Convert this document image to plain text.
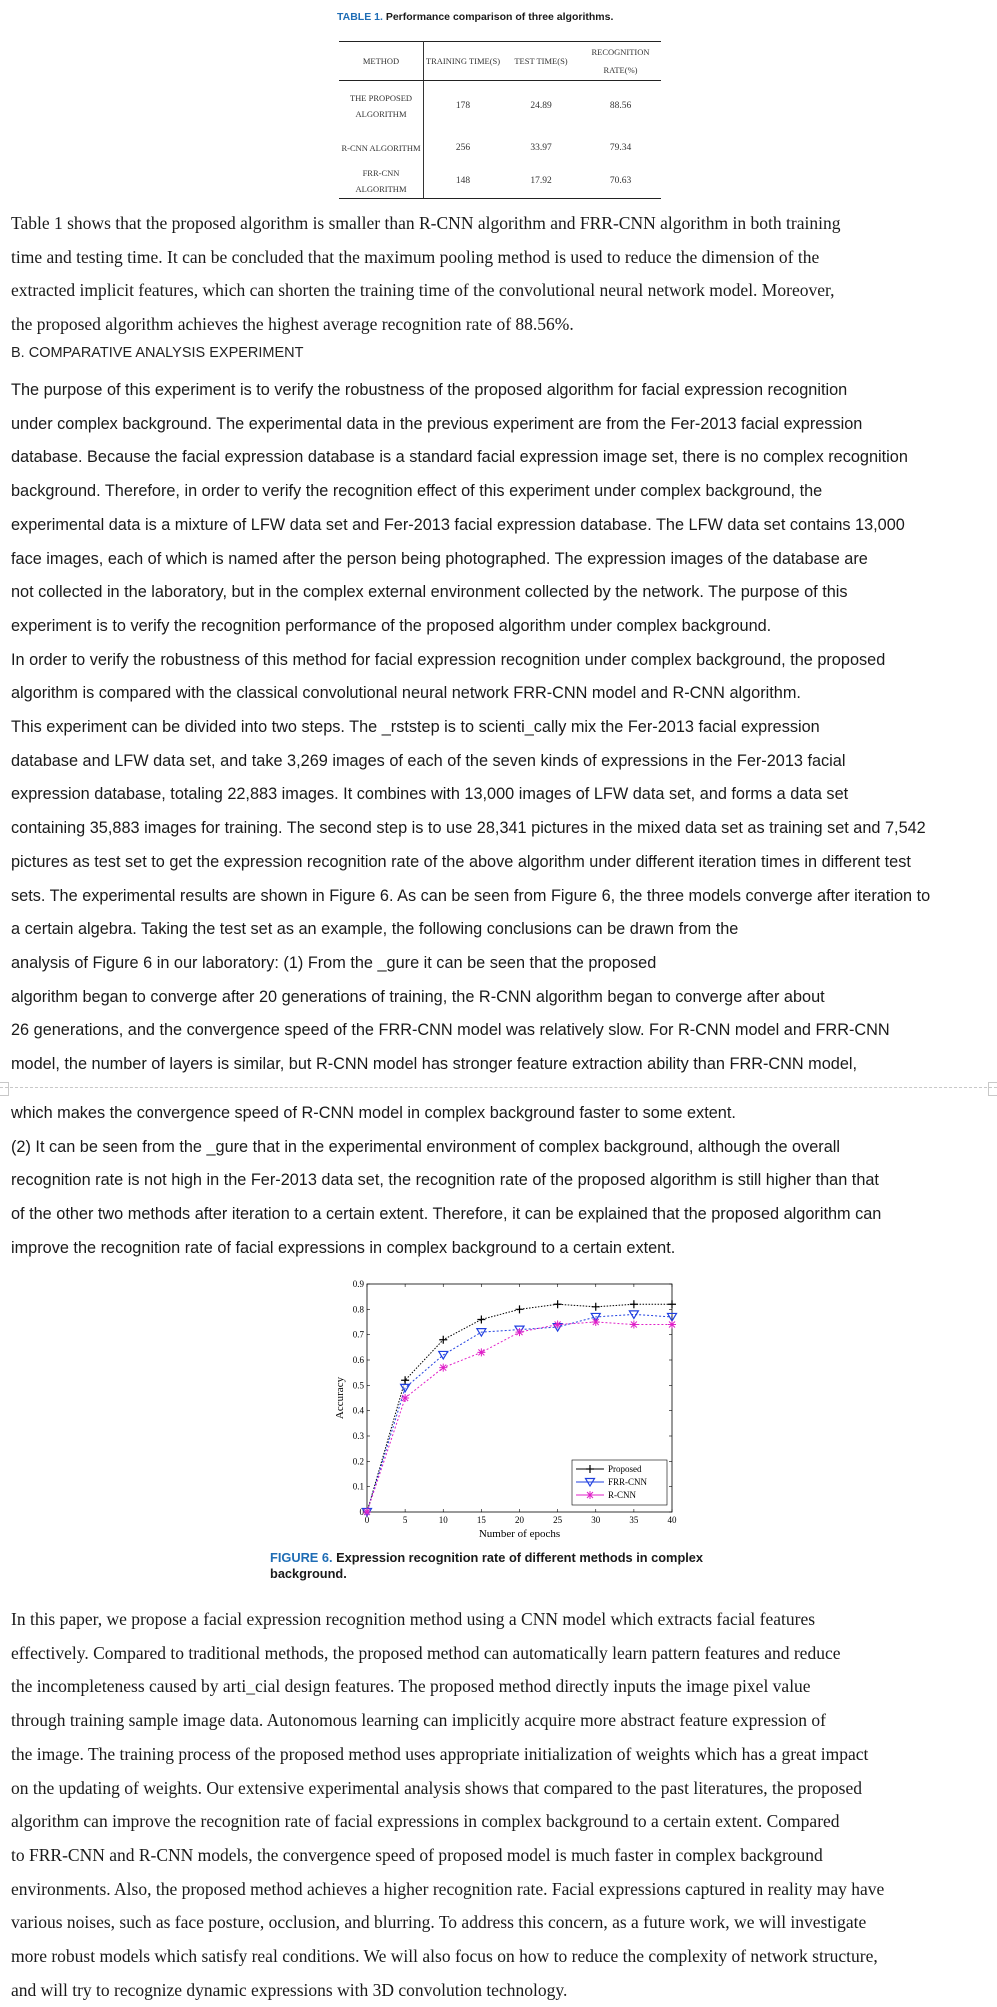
TABLE 1. Performance comparison of three algorithms.
METHOD	TRAINING TIME(S)	TEST TIME(S)	RECOGNITION RATE(%)
THE PROPOSED ALGORITHM	178	24.89	88.56
R-CNN ALGORITHM	256	33.97	79.34
FRR-CNN ALGORITHM	148	17.92	70.63

Table 1 shows that the proposed algorithm is smaller than R-CNN algorithm and FRR-CNN algorithm in both training

time and testing time. It can be concluded that the maximum pooling method is used to reduce the dimension of the

extracted implicit features, which can shorten the training time of the convolutional neural network model. Moreover,

the proposed algorithm achieves the highest average recognition rate of 88.56%.

B. COMPARATIVE ANALYSIS EXPERIMENT

The purpose of this experiment is to verify the robustness of the proposed algorithm for facial expression recognition

under complex background. The experimental data in the previous experiment are from the Fer-2013 facial expression

database. Because the facial expression database is a standard facial expression image set, there is no complex recognition

background. Therefore, in order to verify the recognition effect of this experiment under complex background, the

experimental data is a mixture of LFW data set and Fer-2013 facial expression database. The LFW data set contains 13,000

face images, each of which is named after the person being photographed. The expression images of the database are

not collected in the laboratory, but in the complex external environment collected by the network. The purpose of this

experiment is to verify the recognition performance of the proposed algorithm under complex background.

In order to verify the robustness of this method for facial expression recognition under complex background, the proposed

algorithm is compared with the classical convolutional neural network FRR-CNN model and R-CNN algorithm.

This experiment can be divided into two steps. The _rststep is to scienti_cally mix the Fer-2013 facial expression

database and LFW data set, and take 3,269 images of each of the seven kinds of expressions in the Fer-2013 facial

expression database, totaling 22,883 images. It combines with 13,000 images of LFW data set, and forms a data set

containing 35,883 images for training. The second step is to use 28,341 pictures in the mixed data set as training set and 7,542

pictures as test set to get the expression recognition rate of the above algorithm under different iteration times in different test

sets. The experimental results are shown in Figure 6. As can be seen from Figure 6, the three models converge after iteration to

a certain algebra. Taking the test set as an example, the following conclusions can be drawn from the

analysis of Figure 6 in our laboratory: (1) From the _gure it can be seen that the proposed

algorithm began to converge after 20 generations of training, the R-CNN algorithm began to converge after about

26 generations, and the convergence speed of the FRR-CNN model was relatively slow. For R-CNN model and FRR-CNN

model, the number of layers is similar, but R-CNN model has stronger feature extraction ability than FRR-CNN model,

which makes the convergence speed of R-CNN model in complex background faster to some extent.

(2) It can be seen from the _gure that in the experimental environment of complex background, although the overall

recognition rate is not high in the Fer-2013 data set, the recognition rate of the proposed algorithm is still higher than that

of the other two methods after iteration to a certain extent. Therefore, it can be explained that the proposed algorithm can

improve the recognition rate of facial expressions in complex background to a certain extent.

0	5	10	15	20	25	30	35	40
0
0.1
0.2
0.3
0.4
0.5
0.6
0.7
0.8
0.9
Number of epochs
Accuracy
Proposed
FRR-CNN
R-CNN
FIGURE 6. Expression recognition rate of different methods in complex background.

In this paper, we propose a facial expression recognition method using a CNN model which extracts facial features

effectively. Compared to traditional methods, the proposed method can automatically learn pattern features and reduce

the incompleteness caused by arti_cial design features. The proposed method directly inputs the image pixel value

through training sample image data. Autonomous learning can implicitly acquire more abstract feature expression of

the image. The training process of the proposed method uses appropriate initialization of weights which has a great impact

on the updating of weights. Our extensive experimental analysis shows that compared to the past literatures, the proposed

algorithm can improve the recognition rate of facial expressions in complex background to a certain extent. Compared

to FRR-CNN and R-CNN models, the convergence speed of proposed model is much faster in complex background

environments. Also, the proposed method achieves a higher recognition rate. Facial expressions captured in reality may have

various noises, such as face posture, occlusion, and blurring. To address this concern, as a future work, we will investigate

more robust models which satisfy real conditions. We will also focus on how to reduce the complexity of network structure,

and will try to recognize dynamic expressions with 3D convolution technology.
